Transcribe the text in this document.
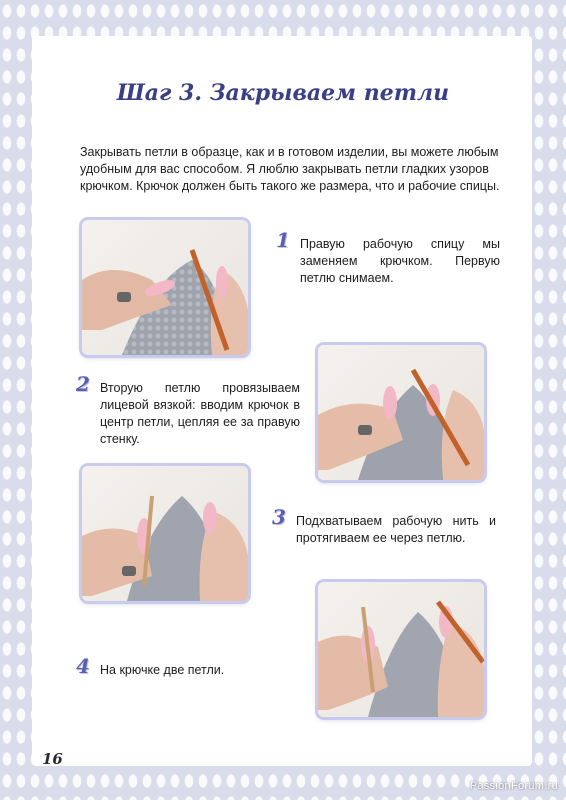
Шаг 3. Закрываем петли

Закрывать петли в образце, как и в готовом изделии, вы можете любым удобным для вас способом. Я люблю закрывать петли гладких узоров крючком. Крючок должен быть такого же размера, что и рабочие спицы.

1 Правую рабочую спицу мы заменяем крючком. Первую петлю снимаем.
2 Вторую петлю провязываем лицевой вязкой: вводим крючок в центр петли, цепляя ее за правую стенку.
3 Подхватываем рабочую нить и протягиваем ее через петлю.
4 На крючке две петли.
16
PassionForum.ru
